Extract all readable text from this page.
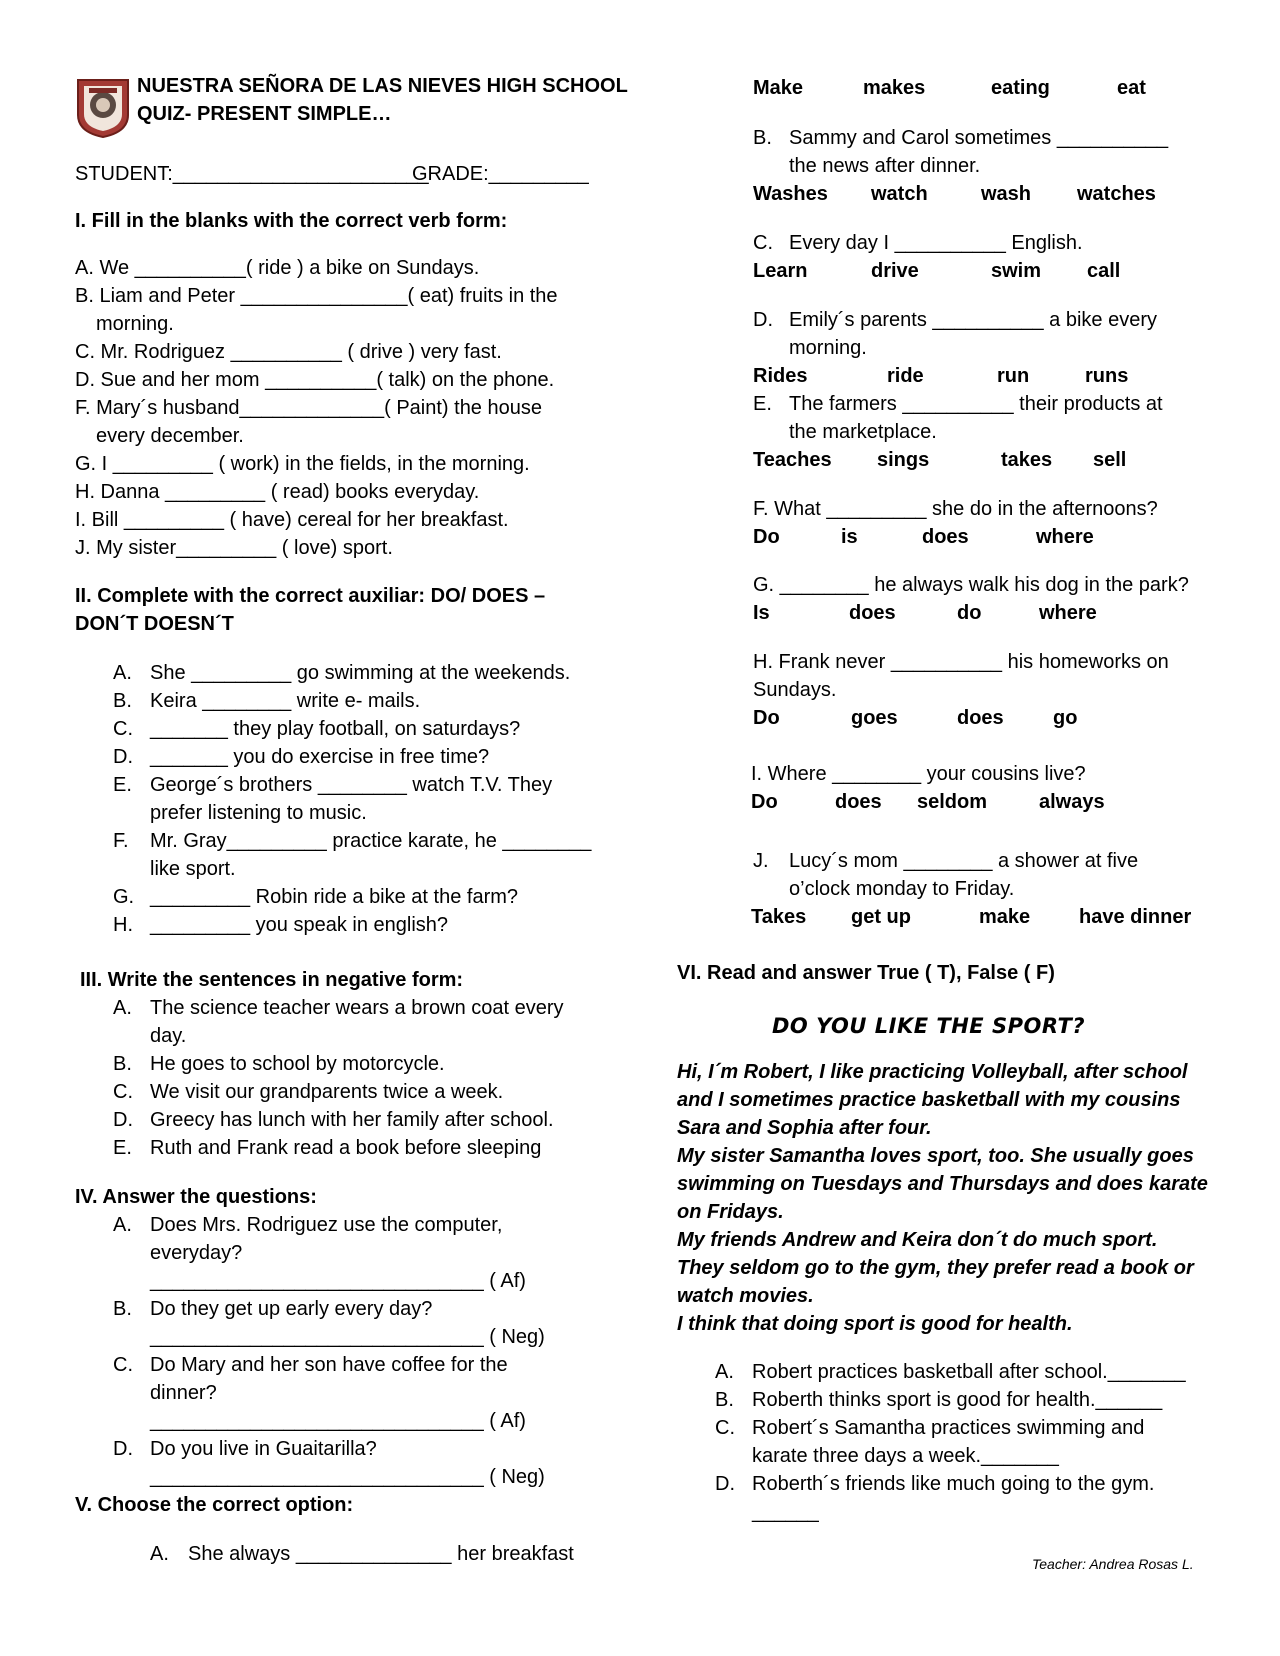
NUESTRA SEÑORA DE LAS NIEVES HIGH SCHOOL
QUIZ- PRESENT SIMPLE…
STUDENT:_______________________
GRADE:_________
I. Fill in the blanks with the correct verb form:
A. We __________( ride ) a bike on Sundays.
B. Liam and Peter _______________( eat) fruits in the
morning.
C. Mr. Rodriguez __________ ( drive ) very fast.
D. Sue and her mom __________( talk) on the phone.
F. Mary´s husband_____________( Paint) the house
every december.
G. I _________ ( work) in the fields, in the morning.
H. Danna _________ ( read) books everyday.
I. Bill _________ ( have) cereal for her breakfast.
J. My sister_________ ( love) sport.
II. Complete with the correct auxiliar: DO/ DOES –
DON´T DOESN´T
A. She _________ go swimming at the weekends.
B. Keira ________ write e- mails.
C. _______ they play football, on saturdays?
D. _______ you do exercise in free time?
E. George´s brothers ________ watch T.V. They
prefer listening to music.
F. Mr. Gray_________ practice karate, he ________
like sport.
G. _________ Robin ride a bike at the farm?
H. _________ you speak in english?
III. Write the sentences in negative form:
A. The science teacher wears a brown coat every
day.
B. He goes to school by motorcycle.
C. We visit our grandparents twice a week.
D. Greecy has lunch with her family after school.
E. Ruth and Frank read a book before sleeping
IV. Answer the questions:
A. Does Mrs. Rodriguez use the computer,
everyday?
______________________________ ( Af)
B. Do they get up early every day?
______________________________ ( Neg)
C. Do Mary and her son have coffee for the
dinner?
______________________________ ( Af)
D. Do you live in Guaitarilla?
______________________________ ( Neg)
V. Choose the correct option:
A. She always ______________ her breakfast
Make	makes	eating	eat
B. Sammy and Carol sometimes __________
the news after dinner.
Washes watch	wash watches
C. Every day I __________ English.
Learn	drive	swim call
D. Emily´s parents __________ a bike every
morning.
Rides	ride	run	runs
E. The farmers __________ their products at
the marketplace.
Teaches sings	takes sell
F. What _________ she do in the afternoons?
Do	is	does	where
G. ________ he always walk his dog in the park?
Is	does	do	where
H. Frank never __________ his homeworks on
Sundays.
Do	goes	does go
I. Where ________ your cousins live?
Do	does seldom	always
J. Lucy´s mom ________ a shower at five
o’clock monday to Friday.
Takes get up	make have dinner
VI. Read and answer True ( T), False ( F)
DO YOU LIKE THE SPORT?
Hi, I´m Robert, I like practicing Volleyball, after school
and I sometimes practice basketball with my cousins
Sara and Sophia after four.
My sister Samantha loves sport, too. She usually goes
swimming on Tuesdays and Thursdays and does karate
on Fridays.
My friends Andrew and Keira don´t do much sport.
They seldom go to the gym, they prefer read a book or
watch movies.
I think that doing sport is good for health.
A. Robert practices basketball after school._______
B. Roberth thinks sport is good for health.______
C. Robert´s Samantha practices swimming and
karate three days a week._______
D. Roberth´s friends like much going to the gym.
______
Teacher: Andrea Rosas L.
